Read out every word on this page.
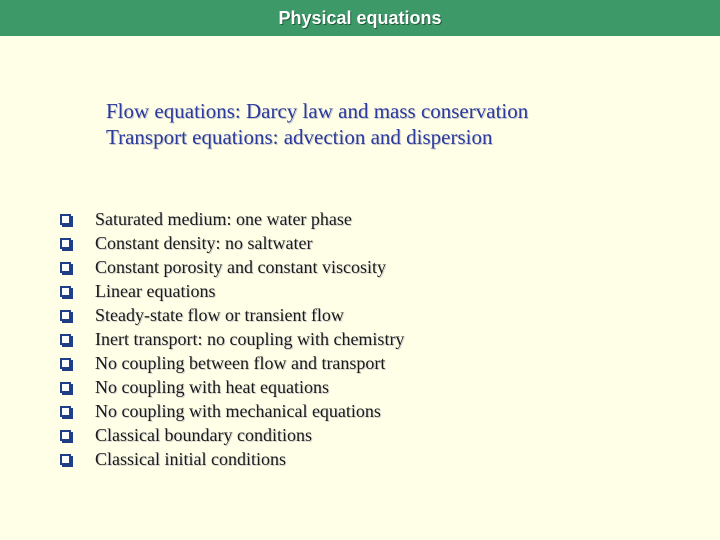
Physical equations
Flow equations: Darcy law and mass conservation
Transport equations: advection and dispersion
Saturated medium: one water phase
Constant density: no saltwater
Constant porosity and constant viscosity
Linear equations
Steady-state flow or transient flow
Inert transport: no coupling with chemistry
No coupling between flow and transport
No coupling with heat equations
No coupling with mechanical equations
Classical boundary conditions
Classical initial conditions
